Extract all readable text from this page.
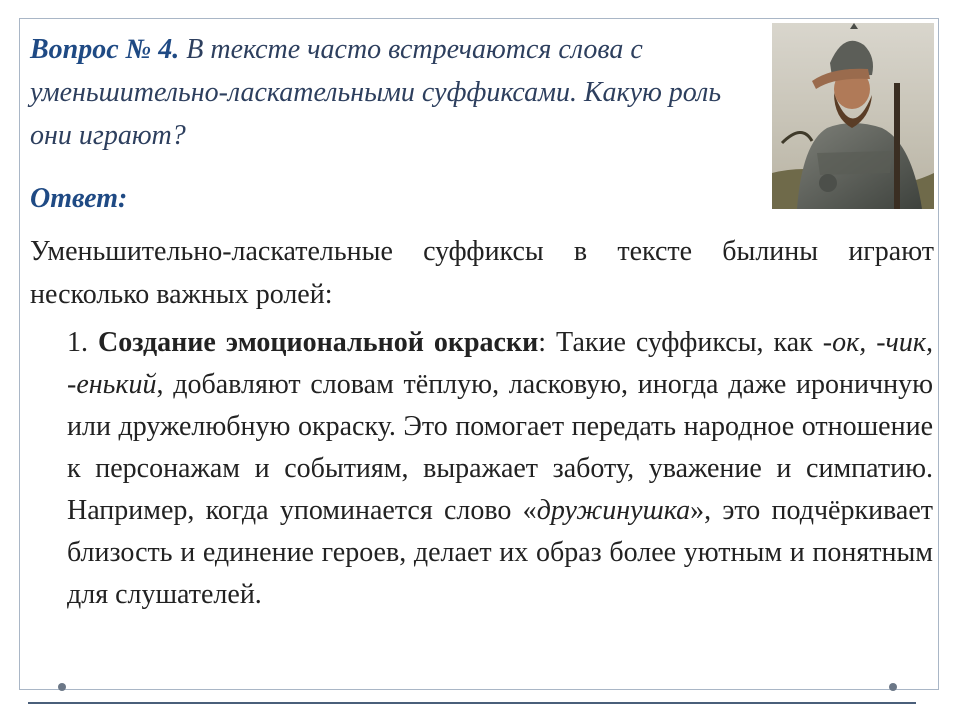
Вопрос № 4. В тексте часто встречаются слова с уменьшительно-ласкательными суффиксами. Какую роль они играют?
Ответ:
Уменьшительно-ласкательные суффиксы в тексте былины играют несколько важных ролей:
1. Создание эмоциональной окраски: Такие суффиксы, как -ок, -чик, -енький, добавляют словам тёплую, ласковую, иногда даже ироничную или дружелюбную окраску. Это помогает передать народное отношение к персонажам и событиям, выражает заботу, уважение и симпатию. Например, когда упоминается слово «дружинушка», это подчёркивает близость и единение героев, делает их образ более уютным и понятным для слушателей.
